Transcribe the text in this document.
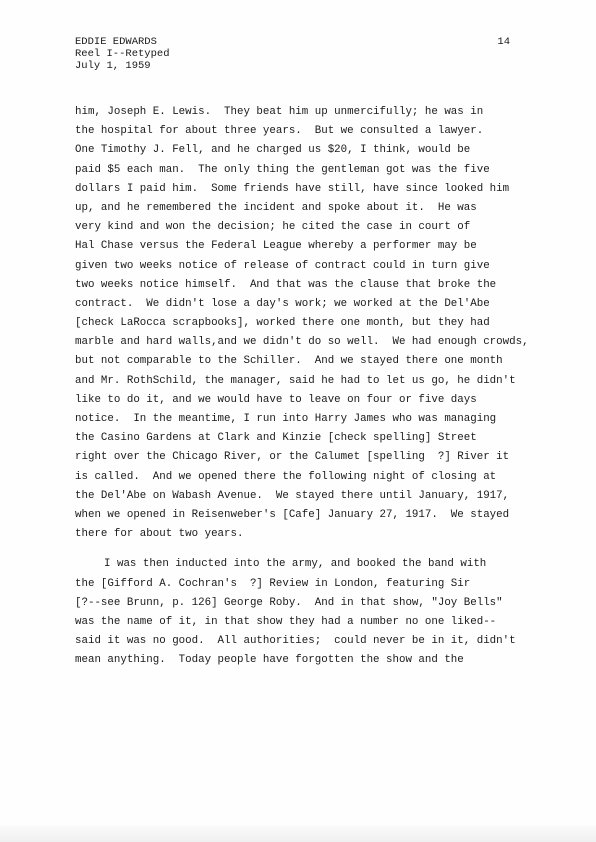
EDDIE EDWARDS
Reel I--Retyped
July 1, 1959
14
him, Joseph E. Lewis.  They beat him up unmercifully; he was in
the hospital for about three years.  But we consulted a lawyer.
One Timothy J. Fell, and he charged us $20, I think, would be
paid $5 each man.  The only thing the gentleman got was the five
dollars I paid him.  Some friends have still, have since looked him
up, and he remembered the incident and spoke about it.  He was
very kind and won the decision; he cited the case in court of
Hal Chase versus the Federal League whereby a performer may be
given two weeks notice of release of contract could in turn give
two weeks notice himself.  And that was the clause that broke the
contract.  We didn't lose a day's work; we worked at the Del'Abe
[check LaRocca scrapbooks], worked there one month, but they had
marble and hard walls,and we didn't do so well.  We had enough crowds,
but not comparable to the Schiller.  And we stayed there one month
and Mr. RothSchild, the manager, said he had to let us go, he didn't
like to do it, and we would have to leave on four or five days
notice.  In the meantime, I run into Harry James who was managing
the Casino Gardens at Clark and Kinzie [check spelling] Street
right over the Chicago River, or the Calumet [spelling  ?] River it
is called.  And we opened there the following night of closing at
the Del'Abe on Wabash Avenue.  We stayed there until January, 1917,
when we opened in Reisenweber's [Cafe] January 27, 1917.  We stayed
there for about two years.
I was then inducted into the army, and booked the band with
the [Gifford A. Cochran's  ?] Review in London, featuring Sir
[?--see Brunn, p. 126] George Roby.  And in that show, "Joy Bells"
was the name of it, in that show they had a number no one liked--
said it was no good.  All authorities;  could never be in it, didn't
mean anything.  Today people have forgotten the show and the
